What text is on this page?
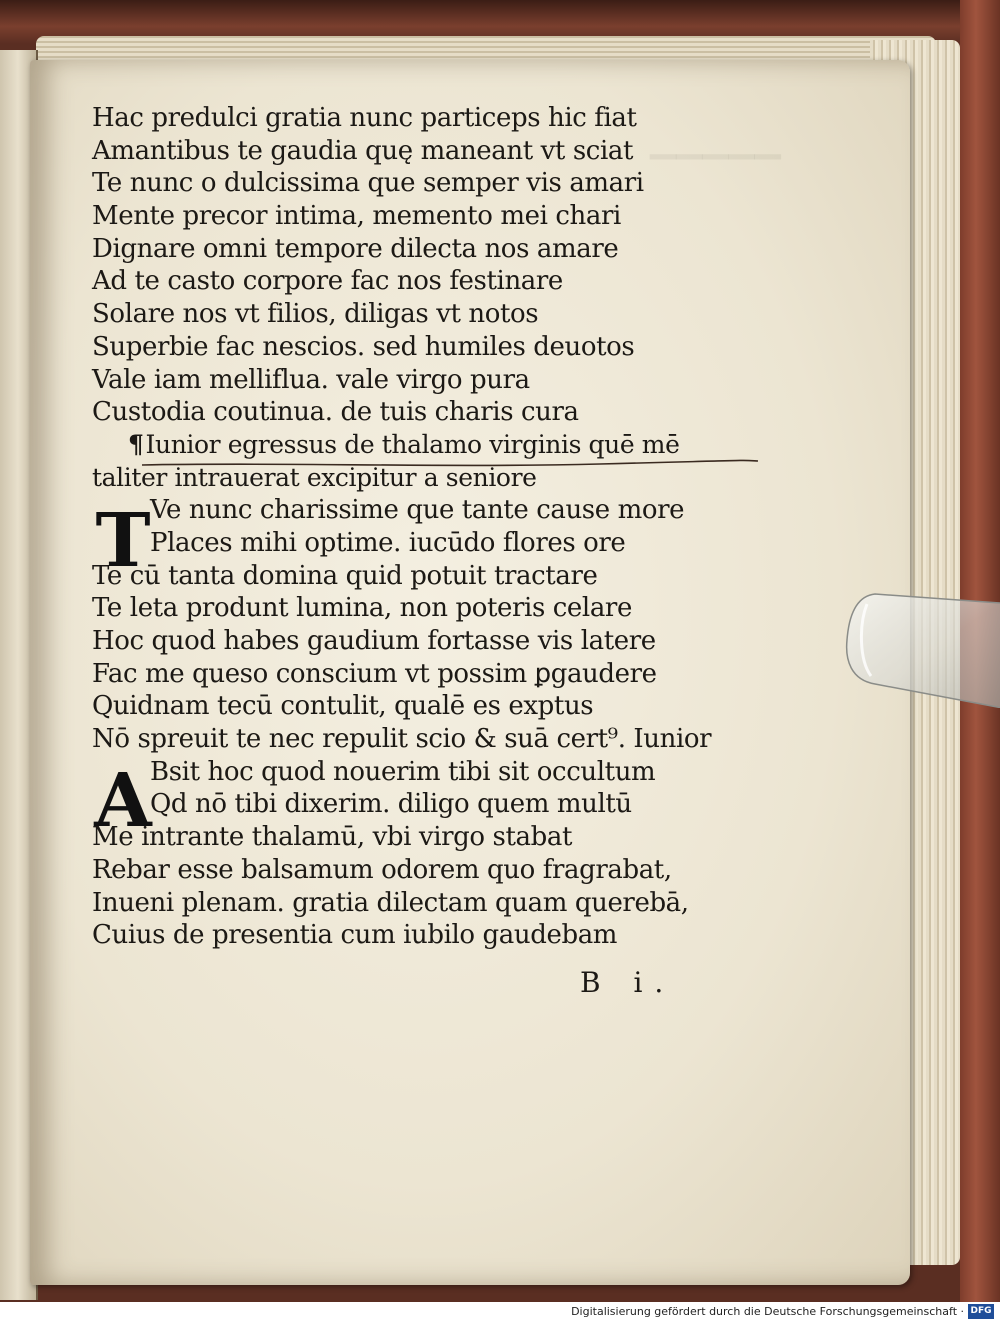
▁▁▁▁▁
Hac predulci gratia nunc particeps hic fiat
Amantibus te gaudia quę maneant vt sciat
Te nunc o dulcissima que semper vis amari
Mente precor intima, memento mei chari
Dignare omni tempore dilecta nos amare
Ad te casto corpore fac nos festinare
Solare nos vt filios, diligas vt notos
Superbie fac nescios. sed humiles deuotos
Vale iam melliflua. vale virgo pura
Custodia coutinua. de tuis charis cura
¶Iunior egressus de thalamo virginis quē mē
taliter intrauerat excipitur a seniore
Ve nunc charissime que tante cause more
Places mihi optime. iucūdo flores ore
Te cū tanta domina quid potuit tractare
Te leta produnt lumina, non poteris celare
Hoc quod habes gaudium fortasse vis latere
Fac me queso conscium vt possim ꝑgaudere
Quidnam tecū contulit, qualē es exptus
Nō spreuit te nec repulit scio & suā cert⁹. Iunior
Bsit hoc quod nouerim tibi sit occultum
Qd nō tibi dixerim. diligo quem multū
Me intrante thalamū, vbi virgo stabat
Rebar esse balsamum odorem quo fragrabat,
Inueni plenam. gratia dilectam quam querebā,
Cuius de presentia cum iubilo gaudebam
T
A
B i.
Digitalisierung gefördert durch die Deutsche Forschungsgemeinschaft · DFG
